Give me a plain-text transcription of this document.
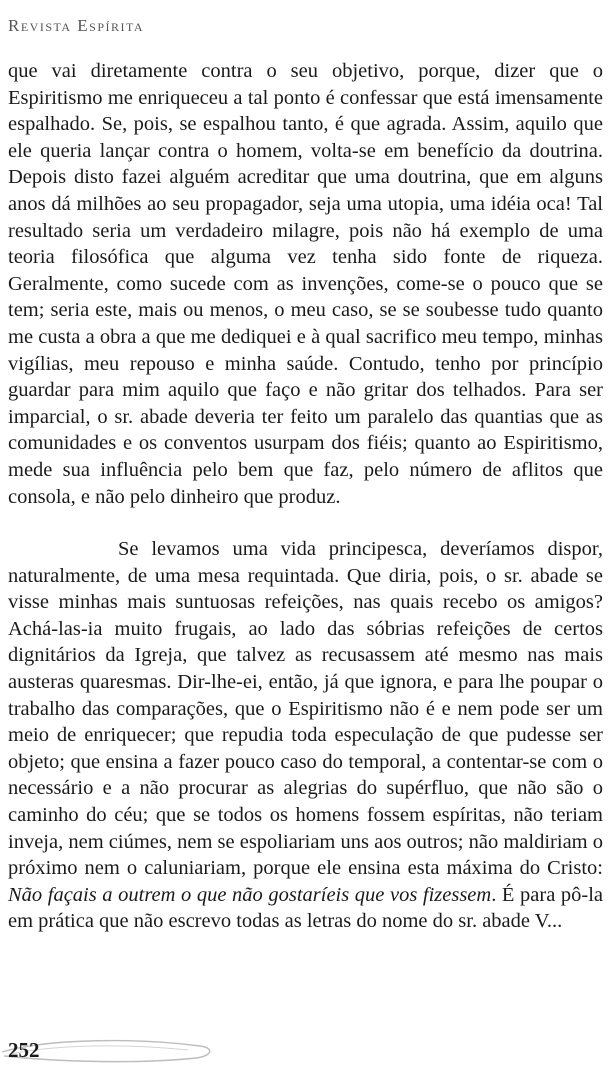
Revista Espírita

que vai diretamente contra o seu objetivo, porque, dizer que o Espiritismo me enriqueceu a tal ponto é confessar que está imensamente espalhado. Se, pois, se espalhou tanto, é que agrada. Assim, aquilo que ele queria lançar contra o homem, volta-se em benefício da doutrina. Depois disto fazei alguém acreditar que uma doutrina, que em alguns anos dá milhões ao seu propagador, seja uma utopia, uma idéia oca! Tal resultado seria um verdadeiro milagre, pois não há exemplo de uma teoria filosófica que alguma vez tenha sido fonte de riqueza. Geralmente, como sucede com as invenções, come-se o pouco que se tem; seria este, mais ou menos, o meu caso, se se soubesse tudo quanto me custa a obra a que me dediquei e à qual sacrifico meu tempo, minhas vigílias, meu repouso e minha saúde. Contudo, tenho por princípio guardar para mim aquilo que faço e não gritar dos telhados. Para ser imparcial, o sr. abade deveria ter feito um paralelo das quantias que as comunidades e os conventos usurpam dos fiéis; quanto ao Espiritismo, mede sua influência pelo bem que faz, pelo número de aflitos que consola, e não pelo dinheiro que produz.

Se levamos uma vida principesca, deveríamos dispor, naturalmente, de uma mesa requintada. Que diria, pois, o sr. abade se visse minhas mais suntuosas refeições, nas quais recebo os amigos? Achá-las-ia muito frugais, ao lado das sóbrias refeições de certos dignitários da Igreja, que talvez as recusassem até mesmo nas mais austeras quaresmas. Dir-lhe-ei, então, já que ignora, e para lhe poupar o trabalho das comparações, que o Espiritismo não é e nem pode ser um meio de enriquecer; que repudia toda especulação de que pudesse ser objeto; que ensina a fazer pouco caso do temporal, a contentar-se com o necessário e a não procurar as alegrias do supérfluo, que não são o caminho do céu; que se todos os homens fossem espíritas, não teriam inveja, nem ciúmes, nem se espoliariam uns aos outros; não maldiriam o próximo nem o caluniariam, porque ele ensina esta máxima do Cristo: Não façais a outrem o que não gostaríeis que vos fizessem. É para pô-la em prática que não escrevo todas as letras do nome do sr. abade V...

252
